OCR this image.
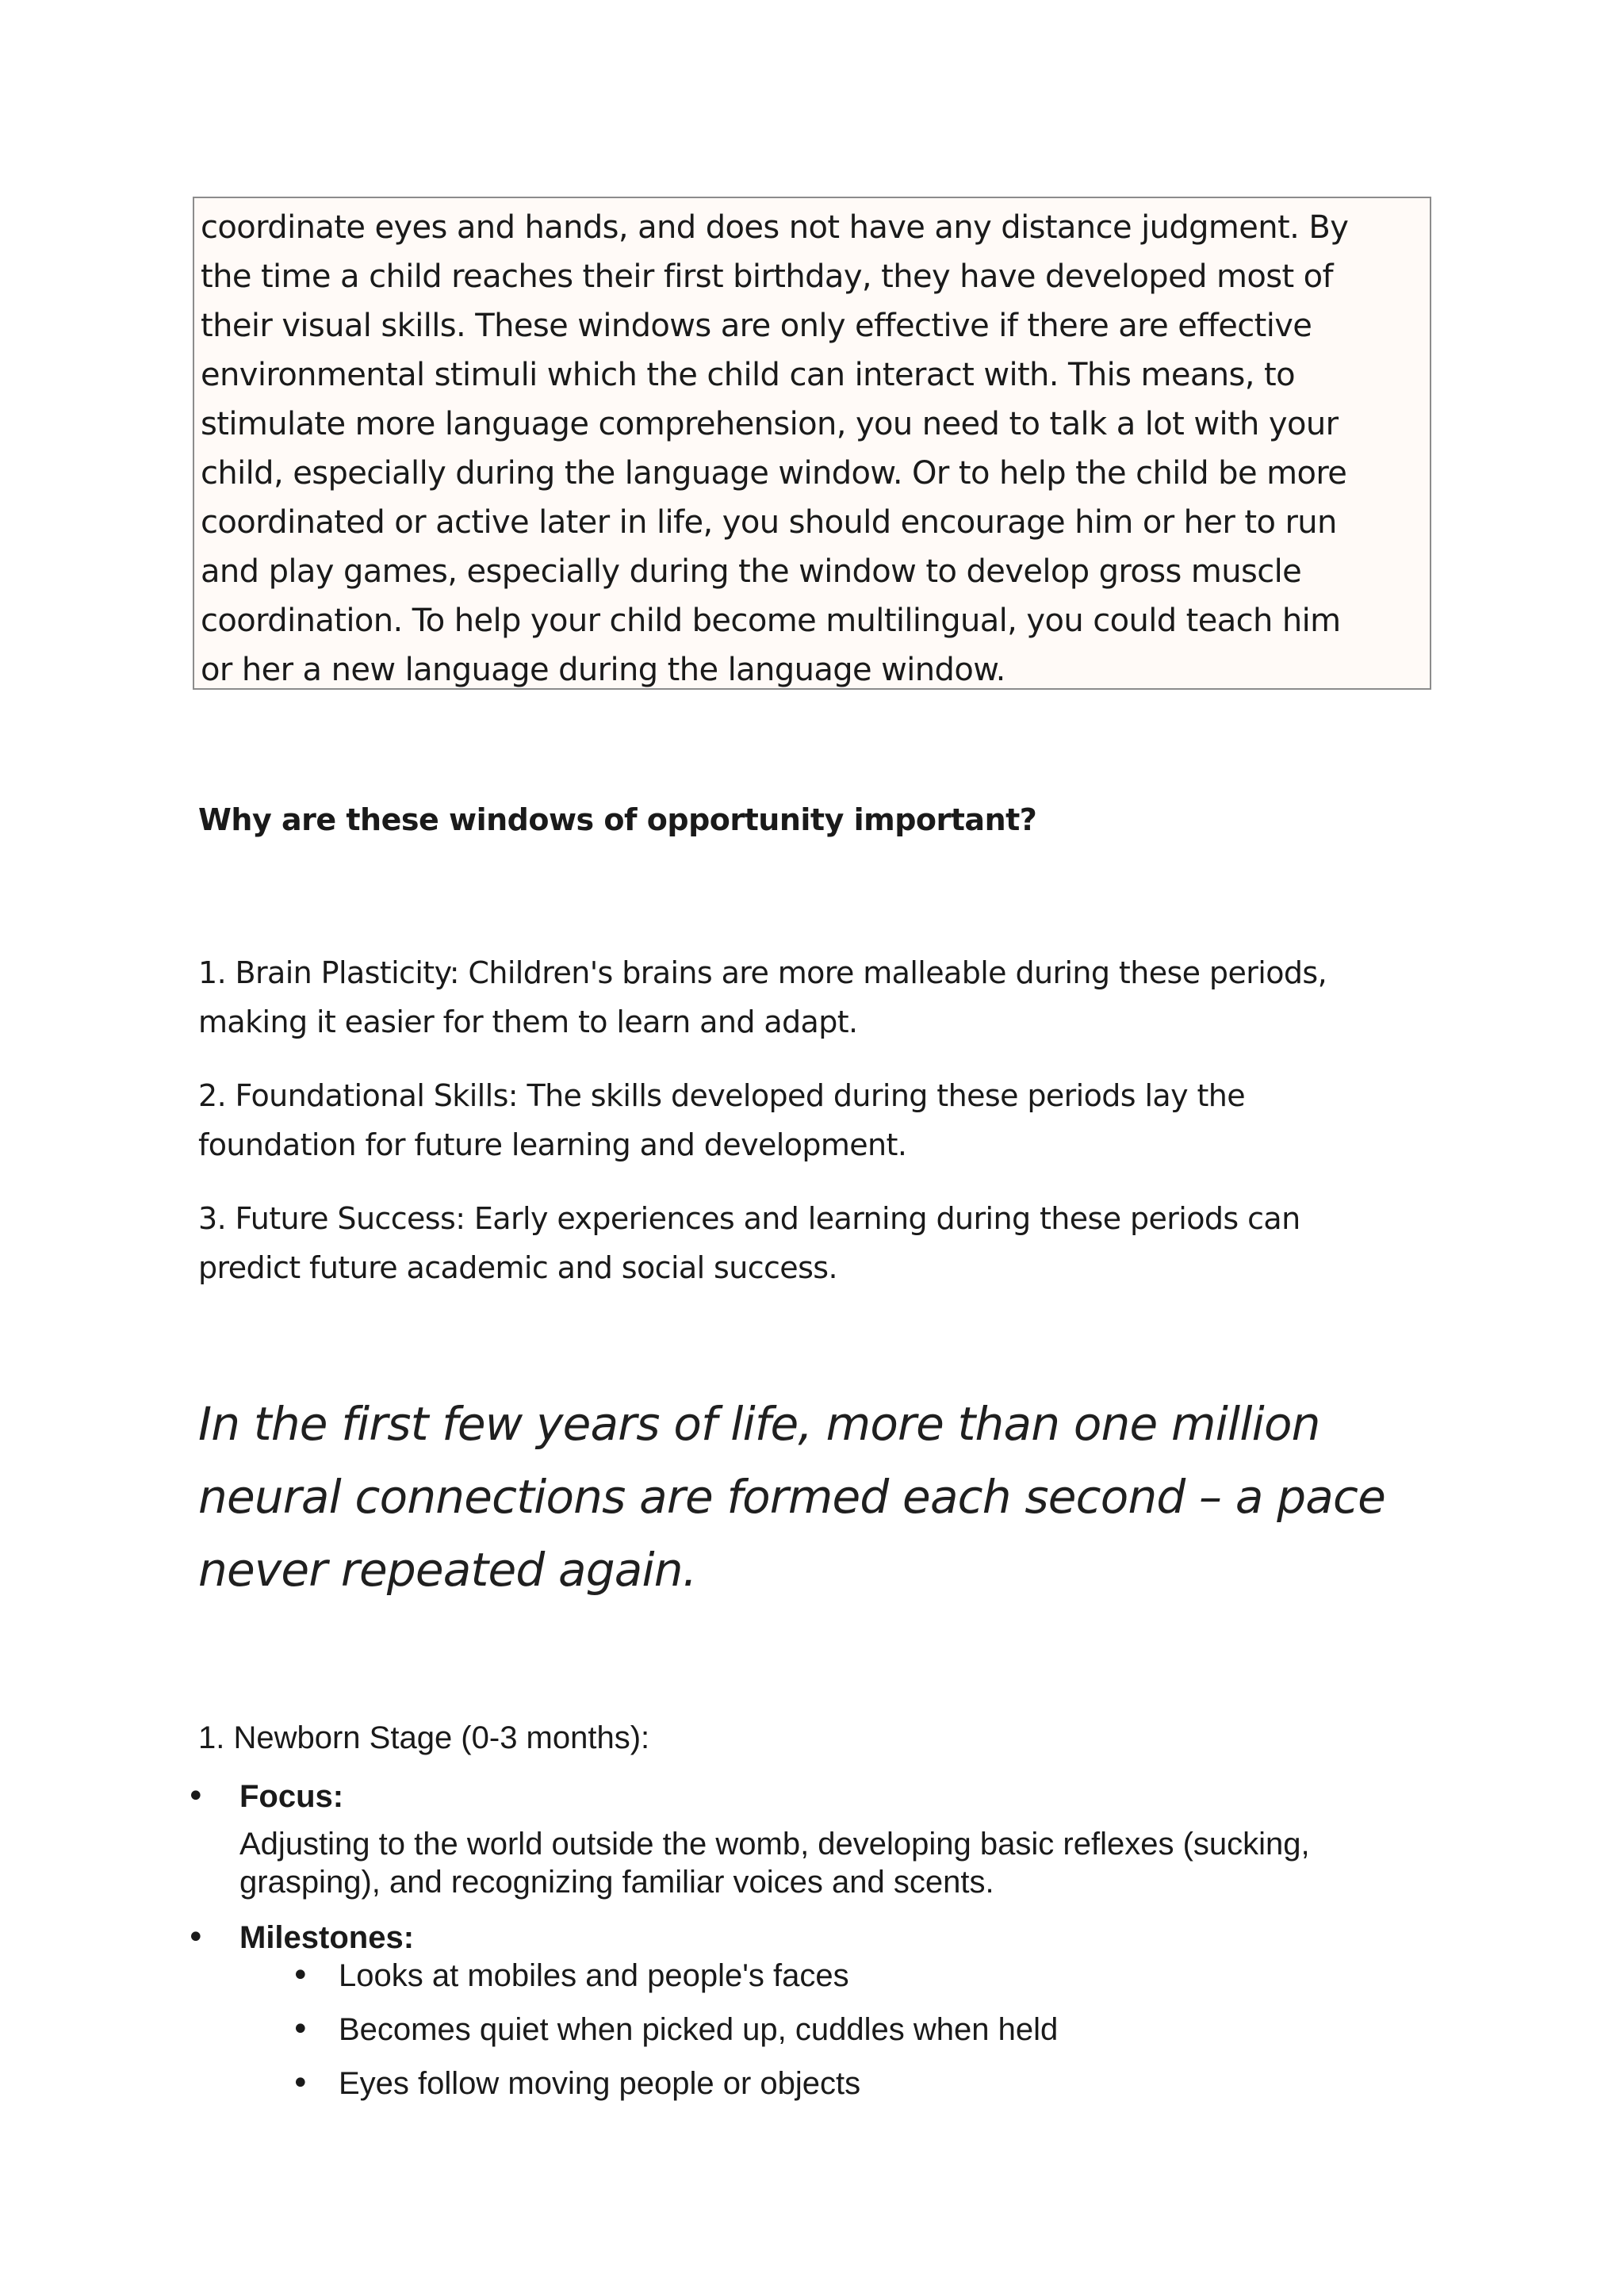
coordinate eyes and hands, and does not have any distance judgment. By

the time a child reaches their first birthday, they have developed most of

their visual skills. These windows are only effective if there are effective

environmental stimuli which the child can interact with. This means, to

stimulate more language comprehension, you need to talk a lot with your

child, especially during the language window. Or to help the child be more

coordinated or active later in life, you should encourage him or her to run

and play games, especially during the window to develop gross muscle

coordination. To help your child become multilingual, you could teach him

or her a new language during the language window.

Why are these windows of opportunity important?

1. Brain Plasticity: Children's brains are more malleable during these periods,
making it easier for them to learn and adapt.

2. Foundational Skills: The skills developed during these periods lay the
foundation for future learning and development.

3. Future Success: Early experiences and learning during these periods can
predict future academic and social success.

In the first few years of life, more than one million
neural connections are formed each second – a pace
never repeated again.

1. Newborn Stage (0-3 months):

• Focus:

Adjusting to the world outside the womb, developing basic reflexes (sucking,
grasping), and recognizing familiar voices and scents.

• Milestones:
• Looks at mobiles and people's faces
• Becomes quiet when picked up, cuddles when held
• Eyes follow moving people or objects
